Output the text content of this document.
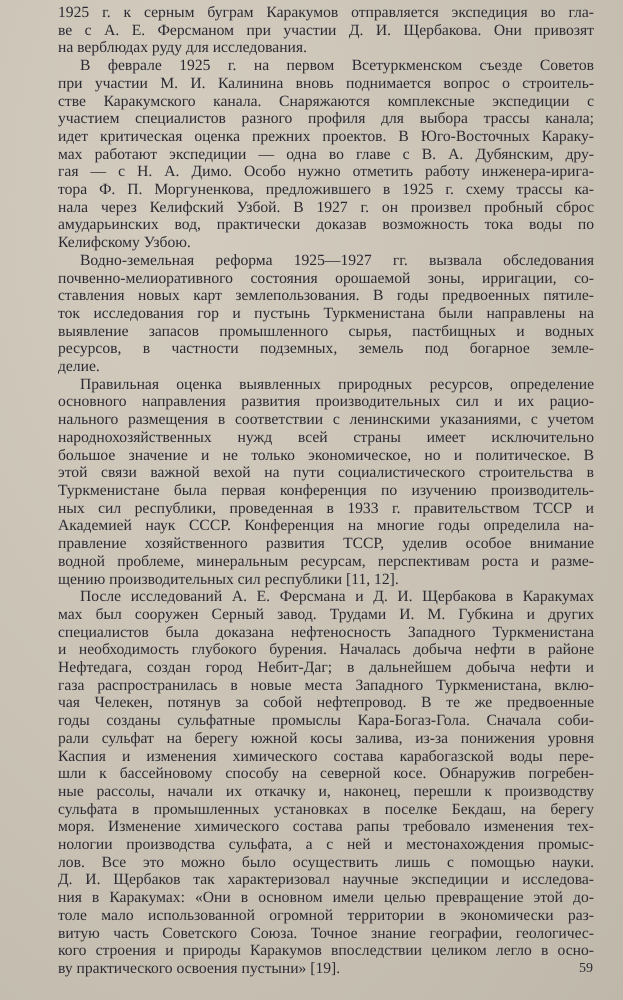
1925 г. к серным буграм Каракумов отправляется экспедиция во гла-
ве с А. Е. Ферсманом при участии Д. И. Щербакова. Они привозят
на верблюдах руду для исследования.
В феврале 1925 г. на первом Всетуркменском съезде Советов
при участии М. И. Калинина вновь поднимается вопрос о строитель-
стве Каракумского канала. Снаряжаются комплексные экспедиции с
участием специалистов разного профиля для выбора трассы канала;
идет критическая оценка прежних проектов. В Юго-Восточных Караку-
мах работают экспедиции — одна во главе с В. А. Дубянским, дру-
гая — с Н. А. Димо. Особо нужно отметить работу инженера-ирига-
тора Ф. П. Моргуненкова, предложившего в 1925 г. схему трассы ка-
нала через Келифский Узбой. В 1927 г. он произвел пробный сброс
амударьинских вод, практически доказав возможность тока воды по
Келифскому Узбою.
Водно-земельная реформа 1925—1927 гг. вызвала обследования
почвенно-мелиоративного состояния орошаемой зоны, ирригации, со-
ставления новых карт землепользования. В годы предвоенных пятиле-
ток исследования гор и пустынь Туркменистана были направлены на
выявление запасов промышленного сырья, пастбищных и водных
ресурсов, в частности подземных, земель под богарное земле-
делие.
Правильная оценка выявленных природных ресурсов, определение
основного направления развития производительных сил и их рацио-
нального размещения в соответствии с ленинскими указаниями, с учетом
народнохозяйственных нужд всей страны имеет исключительно
большое значение и не только экономическое, но и политическое. В
этой связи важной вехой на пути социалистического строительства в
Туркменистане была первая конференция по изучению производитель-
ных сил республики, проведенная в 1933 г. правительством ТССР и
Академией наук СССР. Конференция на многие годы определила на-
правление хозяйственного развития ТССР, уделив особое внимание
водной проблеме, минеральным ресурсам, перспективам роста и разме-
щению производительных сил республики [11, 12].
После исследований А. Е. Ферсмана и Д. И. Щербакова в Каракумах
мах был сооружен Серный завод. Трудами И. М. Губкина и других
специалистов была доказана нефтеносность Западного Туркменистана
и необходимость глубокого бурения. Началась добыча нефти в районе
Нефтедага, создан город Небит-Даг; в дальнейшем добыча нефти и
газа распространилась в новые места Западного Туркменистана, вклю-
чая Челекен, потянув за собой нефтепровод. В те же предвоенные
годы созданы сульфатные промыслы Кара-Богаз-Гола. Сначала соби-
рали сульфат на берегу южной косы залива, из-за понижения уровня
Каспия и изменения химического состава карабогазской воды пере-
шли к бассейновому способу на северной косе. Обнаружив погребен-
ные рассолы, начали их откачку и, наконец, перешли к производству
сульфата в промышленных установках в поселке Бекдаш, на берегу
моря. Изменение химического состава рапы требовало изменения тех-
нологии производства сульфата, а с ней и местонахождения промыс-
лов. Все это можно было осуществить лишь с помощью науки.
Д. И. Щербаков так характеризовал научные экспедиции и исследова-
ния в Каракумах: «Они в основном имели целью превращение этой до-
толе мало использованной огромной территории в экономически раз-
витую часть Советского Союза. Точное знание географии, геологичес-
кого строения и природы Каракумов впоследствии целиком легло в осно-
ву практического освоения пустыни» [19].	59
